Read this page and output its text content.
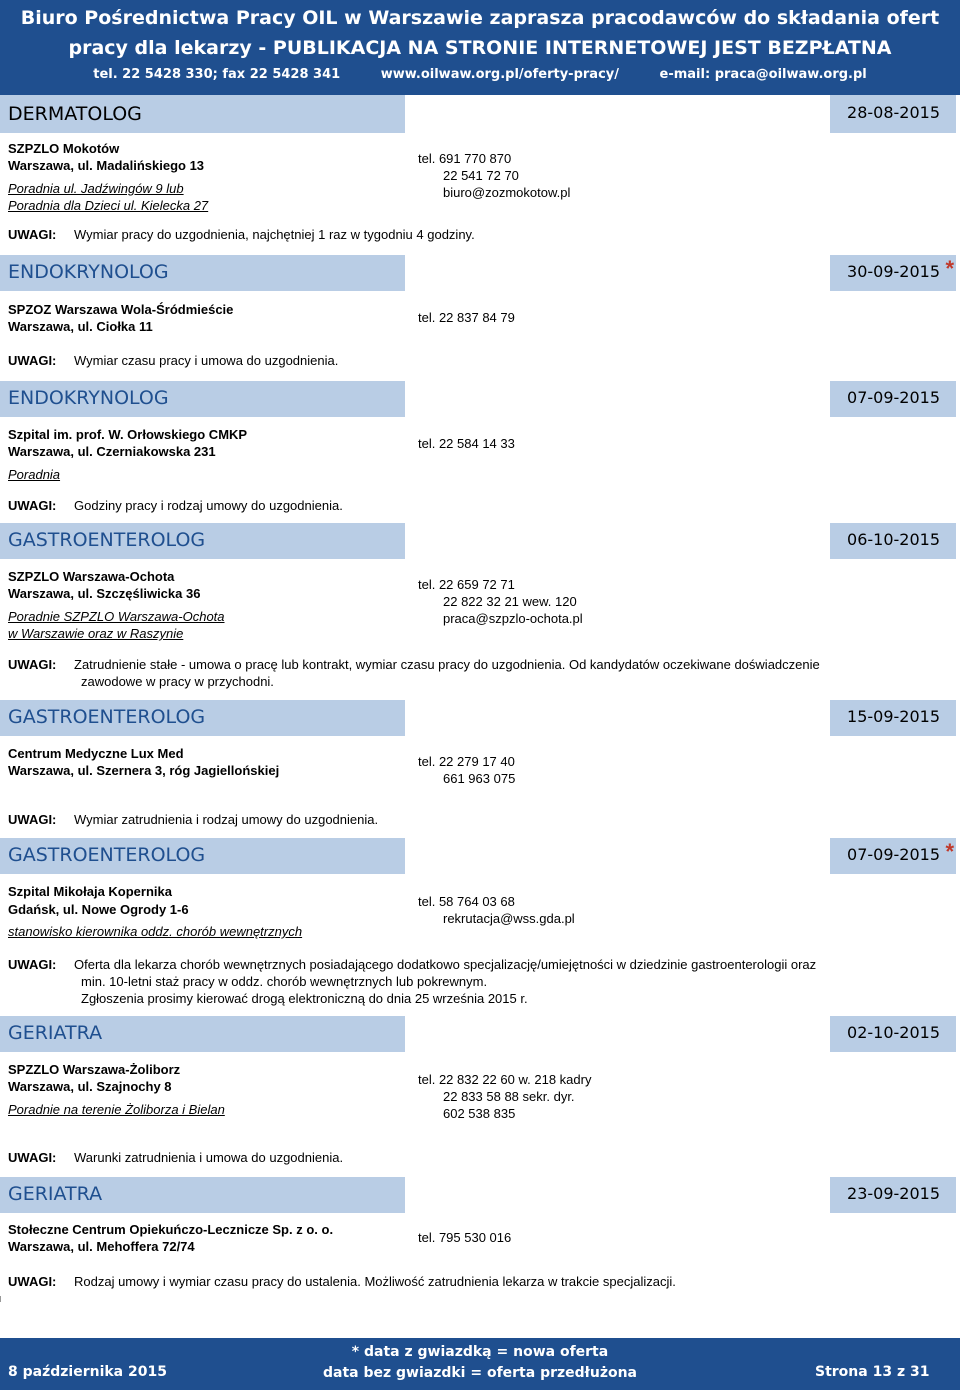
Biuro Pośrednictwa Pracy OIL w Warszawie zaprasza pracodawców do składania ofert
pracy dla lekarzy - PUBLIKACJA NA STRONIE INTERNETOWEJ JEST BEZPŁATNA
tel. 22 5428 330; fax 22 5428 341	www.oilwaw.org.pl/oferty-pracy/	e-mail: praca@oilwaw.org.pl
DERMATOLOG	28-08-2015
SZPZLO Mokotów
Warszawa, ul. Madalińskiego 13
Poradnia ul. Jadźwingów 9 lub
Poradnia dla Dzieci ul. Kielecka 27
tel. 691 770 870
22 541 72 70
biuro@zozmokotow.pl
UWAGI: Wymiar pracy do uzgodnienia, najchętniej 1 raz w tygodniu 4 godziny.
ENDOKRYNOLOG	30-09-2015 *
SPZOZ Warszawa Wola-Śródmieście
Warszawa, ul. Ciołka 11
tel. 22 837 84 79
UWAGI: Wymiar czasu pracy i umowa do uzgodnienia.
ENDOKRYNOLOG	07-09-2015
Szpital im. prof. W. Orłowskiego CMKP
Warszawa, ul. Czerniakowska 231
Poradnia
tel. 22 584 14 33
UWAGI: Godziny pracy i rodzaj umowy do uzgodnienia.
GASTROENTEROLOG	06-10-2015
SZPZLO Warszawa-Ochota
Warszawa, ul. Szczęśliwicka 36
Poradnie SZPZLO Warszawa-Ochota
w Warszawie oraz w Raszynie
tel. 22 659 72 71
22 822 32 21 wew. 120
praca@szpzlo-ochota.pl
UWAGI: Zatrudnienie stałe - umowa o pracę lub kontrakt, wymiar czasu pracy do uzgodnienia. Od kandydatów oczekiwane doświadczenie
zawodowe w pracy w przychodni.
GASTROENTEROLOG	15-09-2015
Centrum Medyczne Lux Med
Warszawa, ul. Szernera 3, róg Jagiellońskiej
tel. 22 279 17 40
661 963 075
UWAGI: Wymiar zatrudnienia i rodzaj umowy do uzgodnienia.
GASTROENTEROLOG	07-09-2015 *
Szpital Mikołaja Kopernika
Gdańsk, ul. Nowe Ogrody 1-6
stanowisko kierownika oddz. chorób wewnętrznych
tel. 58 764 03 68
rekrutacja@wss.gda.pl
UWAGI: Oferta dla lekarza chorób wewnętrznych posiadającego dodatkowo specjalizację/umiejętności w dziedzinie gastroenterologii oraz
min. 10-letni staż pracy w oddz. chorób wewnętrznych lub pokrewnym.
Zgłoszenia prosimy kierować drogą elektroniczną do dnia 25 września 2015 r.
GERIATRA	02-10-2015
SPZZLO Warszawa-Żoliborz
Warszawa, ul. Szajnochy 8
Poradnie na terenie Żoliborza i Bielan
tel. 22 832 22 60 w. 218 kadry
22 833 58 88 sekr. dyr.
602 538 835
UWAGI: Warunki zatrudnienia i umowa do uzgodnienia.
GERIATRA	23-09-2015
Stołeczne Centrum Opiekuńczo-Lecznicze Sp. z o. o.
Warszawa, ul. Mehoffera 72/74
tel. 795 530 016
UWAGI: Rodzaj umowy i wymiar czasu pracy do ustalenia. Możliwość zatrudnienia lekarza w trakcie specjalizacji.
8 października 2015
* data z gwiazdką = nowa oferta
data bez gwiazdki = oferta przedłużona	Strona 13 z 31
